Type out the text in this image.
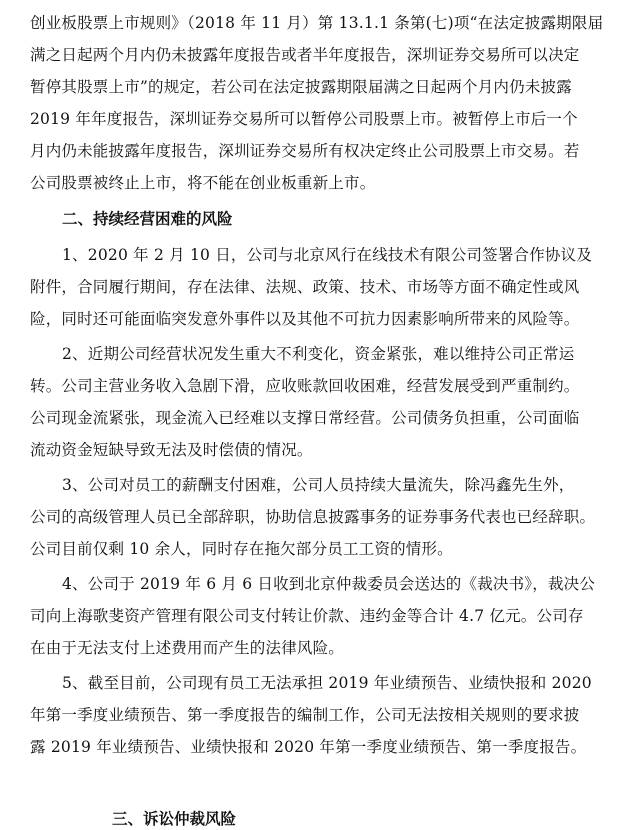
创业板股票上市规则》（2018 年 11 月）第 13.1.1 条第(七)项“在法定披露期限届
满之日起两个月内仍未披露年度报告或者半年度报告，深圳证券交易所可以决定
暂停其股票上市”的规定，若公司在法定披露期限届满之日起两个月内仍未披露
2019 年年度报告，深圳证券交易所可以暂停公司股票上市。被暂停上市后一个
月内仍未能披露年度报告，深圳证券交易所有权决定终止公司股票上市交易。若
公司股票被终止上市，将不能在创业板重新上市。
二、持续经营困难的风险
1、2020 年 2 月 10 日，公司与北京风行在线技术有限公司签署合作协议及
附件，合同履行期间，存在法律、法规、政策、技术、市场等方面不确定性或风
险，同时还可能面临突发意外事件以及其他不可抗力因素影响所带来的风险等。
2、近期公司经营状况发生重大不利变化，资金紧张，难以维持公司正常运
转。公司主营业务收入急剧下滑，应收账款回收困难，经营发展受到严重制约。
公司现金流紧张，现金流入已经难以支撑日常经营。公司债务负担重，公司面临
流动资金短缺导致无法及时偿债的情况。
3、公司对员工的薪酬支付困难，公司人员持续大量流失，除冯鑫先生外，
公司的高级管理人员已全部辞职，协助信息披露事务的证券事务代表也已经辞职。
公司目前仅剩 10 余人，同时存在拖欠部分员工工资的情形。
4、公司于 2019 年 6 月 6 日收到北京仲裁委员会送达的《裁决书》，裁决公
司向上海歌斐资产管理有限公司支付转让价款、违约金等合计 4.7 亿元。公司存
在由于无法支付上述费用而产生的法律风险。
5、截至目前，公司现有员工无法承担 2019 年业绩预告、业绩快报和 2020
年第一季度业绩预告、第一季度报告的编制工作，公司无法按相关规则的要求披
露 2019 年业绩预告、业绩快报和 2020 年第一季度业绩预告、第一季度报告。
三、诉讼仲裁风险
